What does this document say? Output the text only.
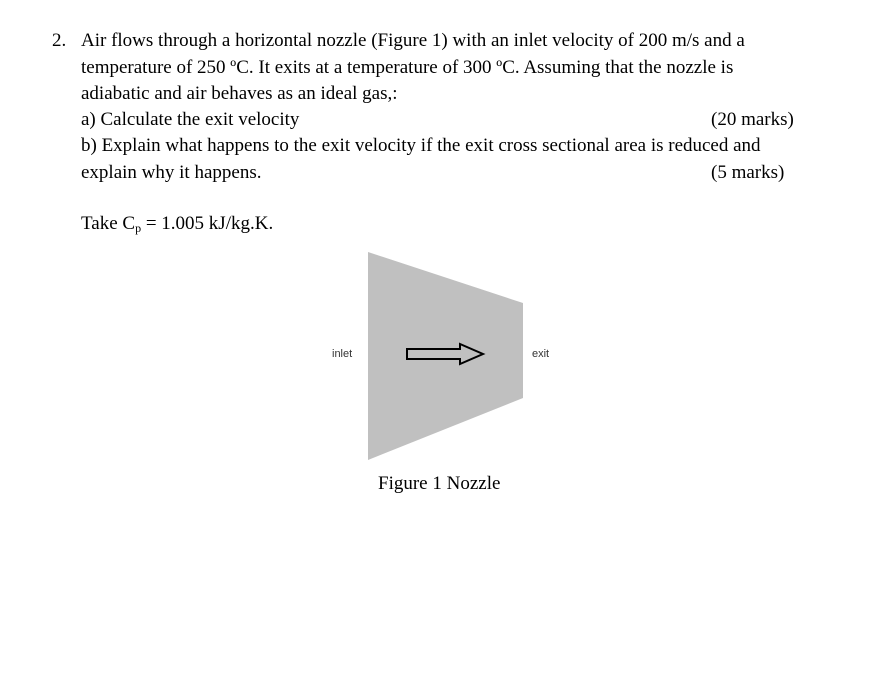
2. Air flows through a horizontal nozzle (Figure 1) with an inlet velocity of 200 m/s and a
temperature of 250 ºC. It exits at a temperature of 300 ºC. Assuming that the nozzle is
adiabatic and air behaves as an ideal gas,:
a) Calculate the exit velocity	(20 marks)
b) Explain what happens to the exit velocity if the exit cross sectional area is reduced and
explain why it happens.	(5 marks)
Take $C_p = 1.005$ kJ/kg.K.
inlet	exit
Figure 1 Nozzle
